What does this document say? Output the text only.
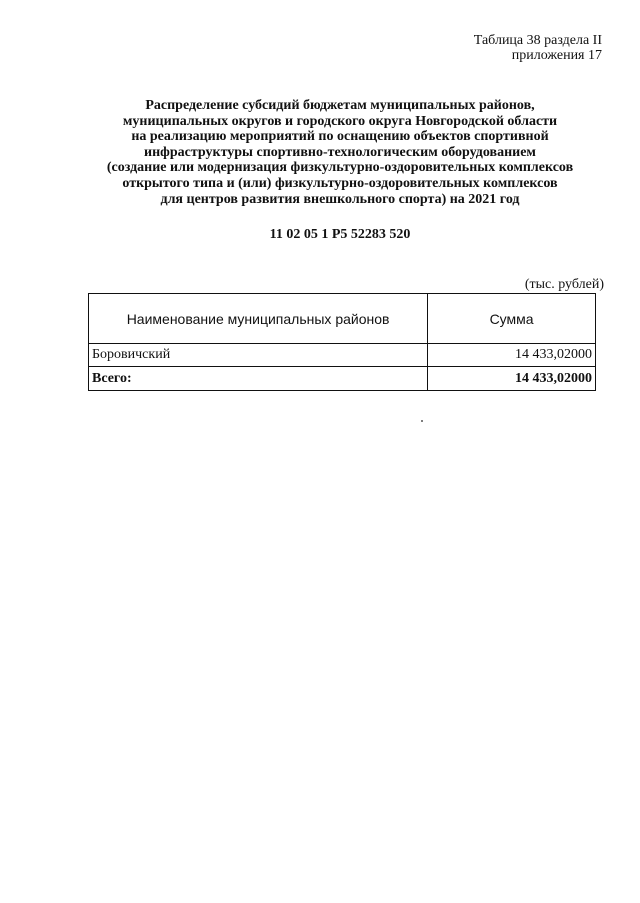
Таблица 38 раздела II
приложения 17
Распределение субсидий бюджетам муниципальных районов,
муниципальных округов и городского округа Новгородской области
на реализацию мероприятий по оснащению объектов спортивной
инфраструктуры спортивно-технологическим оборудованием
(создание или модернизация физкультурно-оздоровительных комплексов
открытого типа и (или) физкультурно-оздоровительных комплексов
для центров развития внешкольного спорта) на 2021 год
11 02 05 1 P5 52283 520
(тыс. рублей)
Наименование муниципальных районов	Сумма
Боровичский	14 433,02000
Всего:	14 433,02000
